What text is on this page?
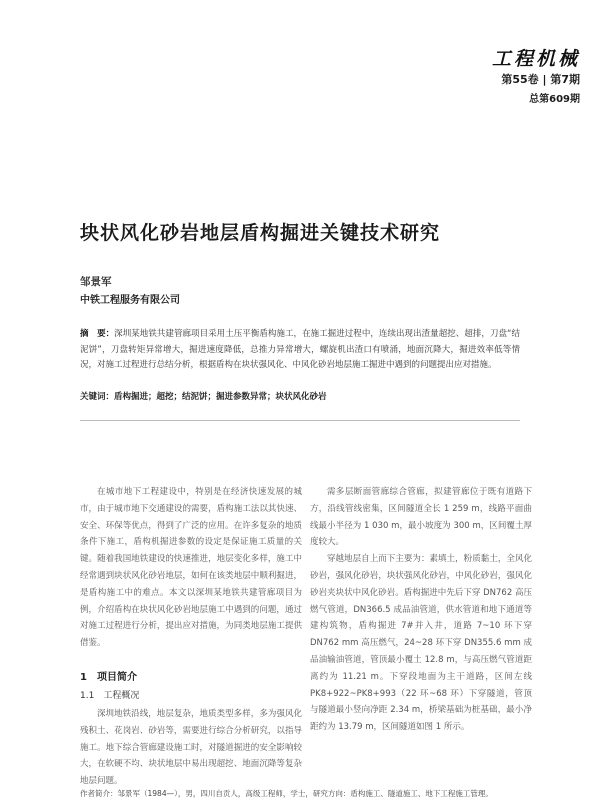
工程机械
第55卷 | 第7期
总第609期
块状风化砂岩地层盾构掘进关键技术研究
邹景军
中铁工程服务有限公司
摘　要：深圳某地铁共建管廊项目采用土压平衡盾构施工，在施工掘进过程中，连续出现出渣量超挖、超排，刀盘“结泥饼”，刀盘转矩异常增大，掘进速度降低，总推力异常增大，螺旋机出渣口有喷涌，地面沉降大，掘进效率低等情况，对施工过程进行总结分析，根据盾构在块状强风化、中风化砂岩地层施工掘进中遇到的问题提出应对措施。
关键词：盾构掘进；超挖；结泥饼；掘进参数异常；块状风化砂岩

在城市地下工程建设中，特别是在经济快速发展的城市，由于城市地下交通建设的需要，盾构施工法以其快速、安全、环保等优点，得到了广泛的应用。在许多复杂的地质条件下施工，盾构机掘进参数的设定是保证施工质量的关键。随着我国地铁建设的快速推进，地层变化多样，施工中经常遇到块状风化砂岩地层，如何在该类地层中顺利掘进，是盾构施工中的难点。本文以深圳某地铁共建管廊项目为例，介绍盾构在块状风化砂岩地层施工中遇到的问题，通过对施工过程进行分析，提出应对措施，为同类地层施工提供借鉴。

需多层断面管廊综合管廊，拟建管廊位于既有道路下方，沿线管线密集，区间隧道全长 1 259 m，线路平面曲线最小半径为 1 030 m，最小坡度为 300 m，区间覆土厚度较大。

穿越地层自上而下主要为：素填土，粉质黏土，全风化砂岩，强风化砂岩，块状强风化砂岩，中风化砂岩，强风化砂岩夹块状中风化砂岩。盾构掘进中先后下穿 DN762 高压燃气管道，DN366.5 成品油管道，供水管道和地下通道等建构筑物，盾构掘进 7#并入井，道路 7~10 环下穿 DN762 mm 高压燃气，24~28 环下穿 DN355.6 mm 成品油输油管道，管顶最小覆土 12.8 m，与高压燃气管道距离约为 11.21 m。下穿段地面为主干道路，区间左线 PK8+922~PK8+993（22 环~68 环）下穿隧道，管顶与隧道最小竖向净距 2.34 m，桥梁基础为桩基础，最小净距约为 13.79 m，区间隧道如图 1 所示。

1　项目简介
1.1　工程概况

深圳地铁沿线，地层复杂，地质类型多样，多为强风化残积土、花岗岩、砂岩等，需要进行综合分析研究，以指导施工。地下综合管廊建设施工时，对隧道掘进的安全影响较大，在软硬不均、块状地层中易出现超挖、地面沉降等复杂地层问题。

作者简介：邹景军（1984—），男，四川自贡人，高级工程师，学士，研究方向：盾构施工、隧道施工、地下工程施工管理。
